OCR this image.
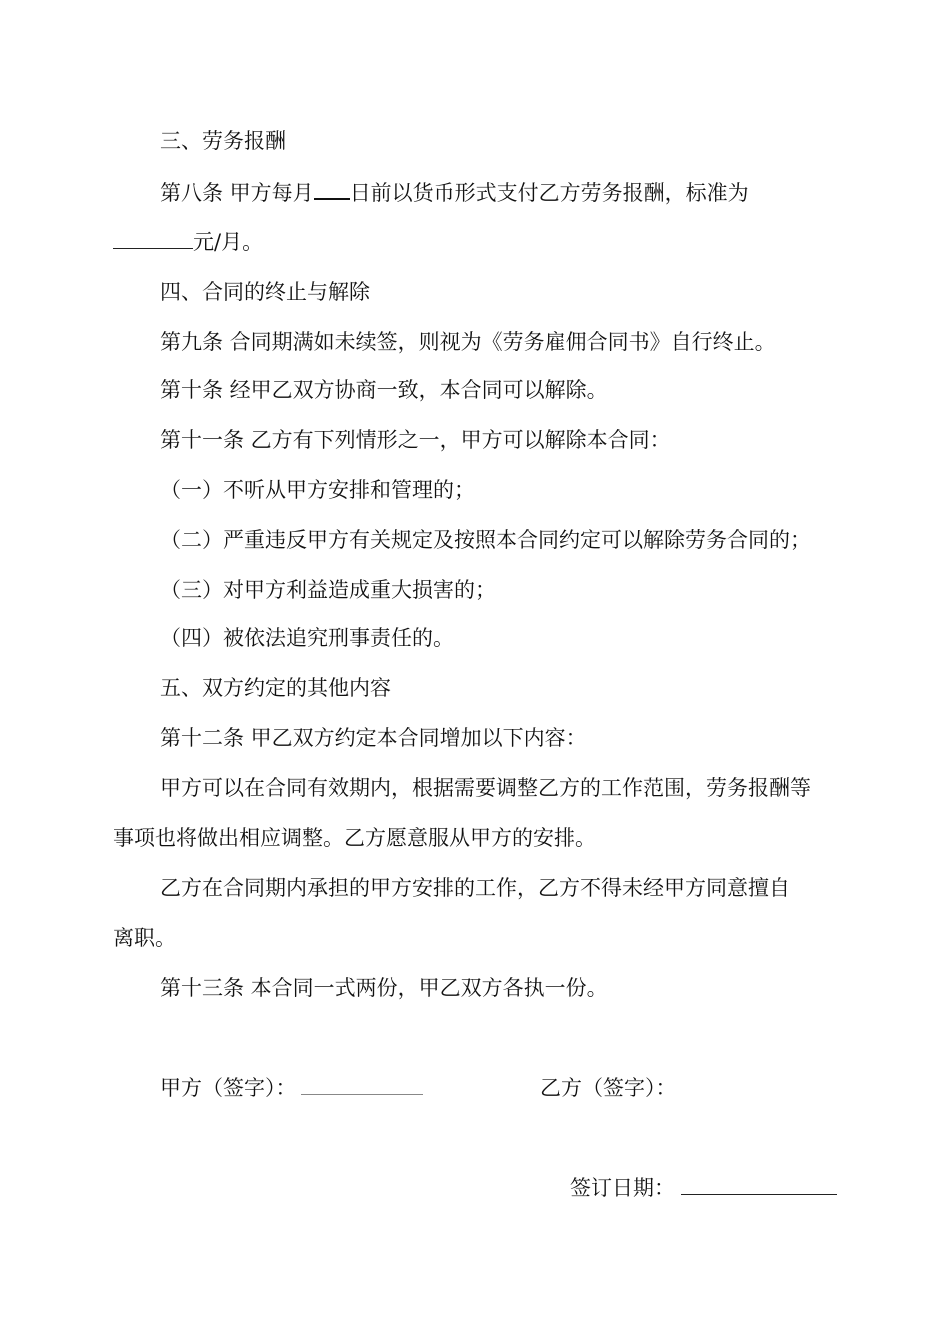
三、劳务报酬
第八条 甲方每月 日前以货币形式支付乙方劳务报酬，标准为
元/月。
四、合同的终止与解除
第九条 合同期满如未续签，则视为《劳务雇佣合同书》自行终止。
第十条 经甲乙双方协商一致，本合同可以解除。
第十一条 乙方有下列情形之一，甲方可以解除本合同：
（一）不听从甲方安排和管理的；
（二）严重违反甲方有关规定及按照本合同约定可以解除劳务合同的；
（三）对甲方利益造成重大损害的；
（四）被依法追究刑事责任的。
五、双方约定的其他内容
第十二条 甲乙双方约定本合同增加以下内容：
甲方可以在合同有效期内，根据需要调整乙方的工作范围，劳务报酬等
事项也将做出相应调整。乙方愿意服从甲方的安排。
乙方在合同期内承担的甲方安排的工作，乙方不得未经甲方同意擅自
离职。
第十三条 本合同一式两份，甲乙双方各执一份。
甲方（签字）：	乙方（签字）：
签订日期：
